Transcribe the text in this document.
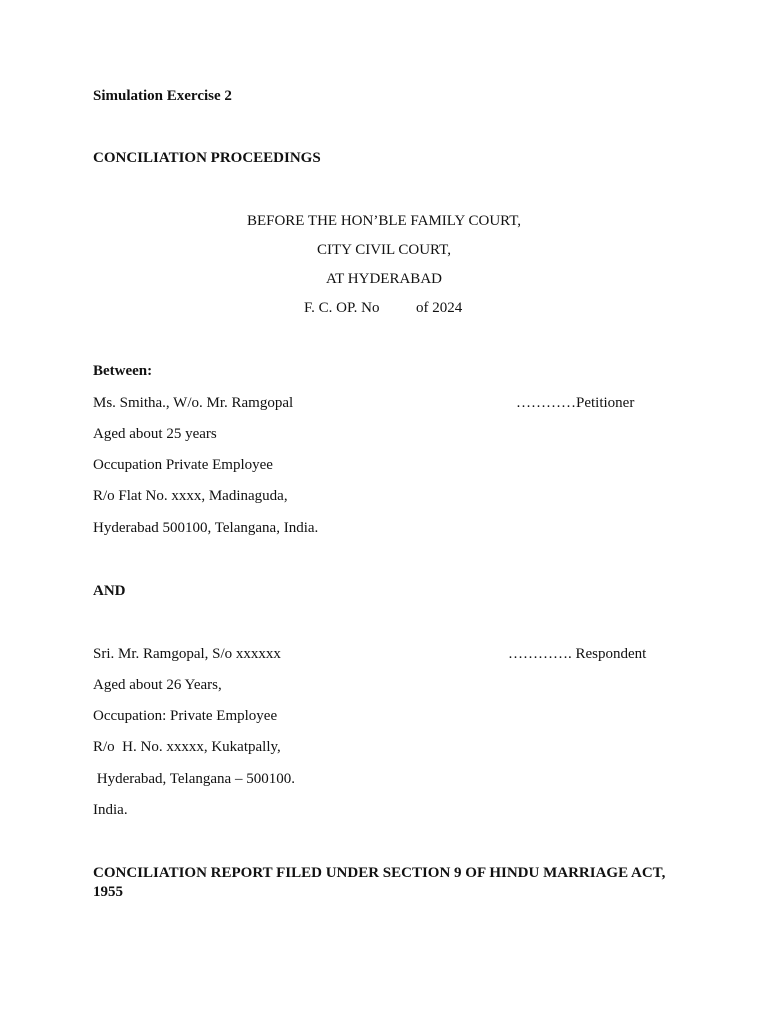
Simulation Exercise 2
CONCILIATION PROCEEDINGS
BEFORE THE HON’BLE FAMILY COURT,
CITY CIVIL COURT,
AT HYDERABAD
F. C. OP. No of 2024
Between:
Ms. Smitha., W/o. Mr. Ramgopal	…………Petitioner
Aged about 25 years
Occupation Private Employee
R/o Flat No. xxxx, Madinaguda,
Hyderabad 500100, Telangana, India.
AND
Sri. Mr. Ramgopal, S/o xxxxxx	…………. Respondent
Aged about 26 Years,
Occupation: Private Employee
R/o  H. No. xxxxx, Kukatpally,
Hyderabad, Telangana – 500100.
India.
CONCILIATION REPORT FILED UNDER SECTION 9 OF HINDU MARRIAGE ACT, 1955
